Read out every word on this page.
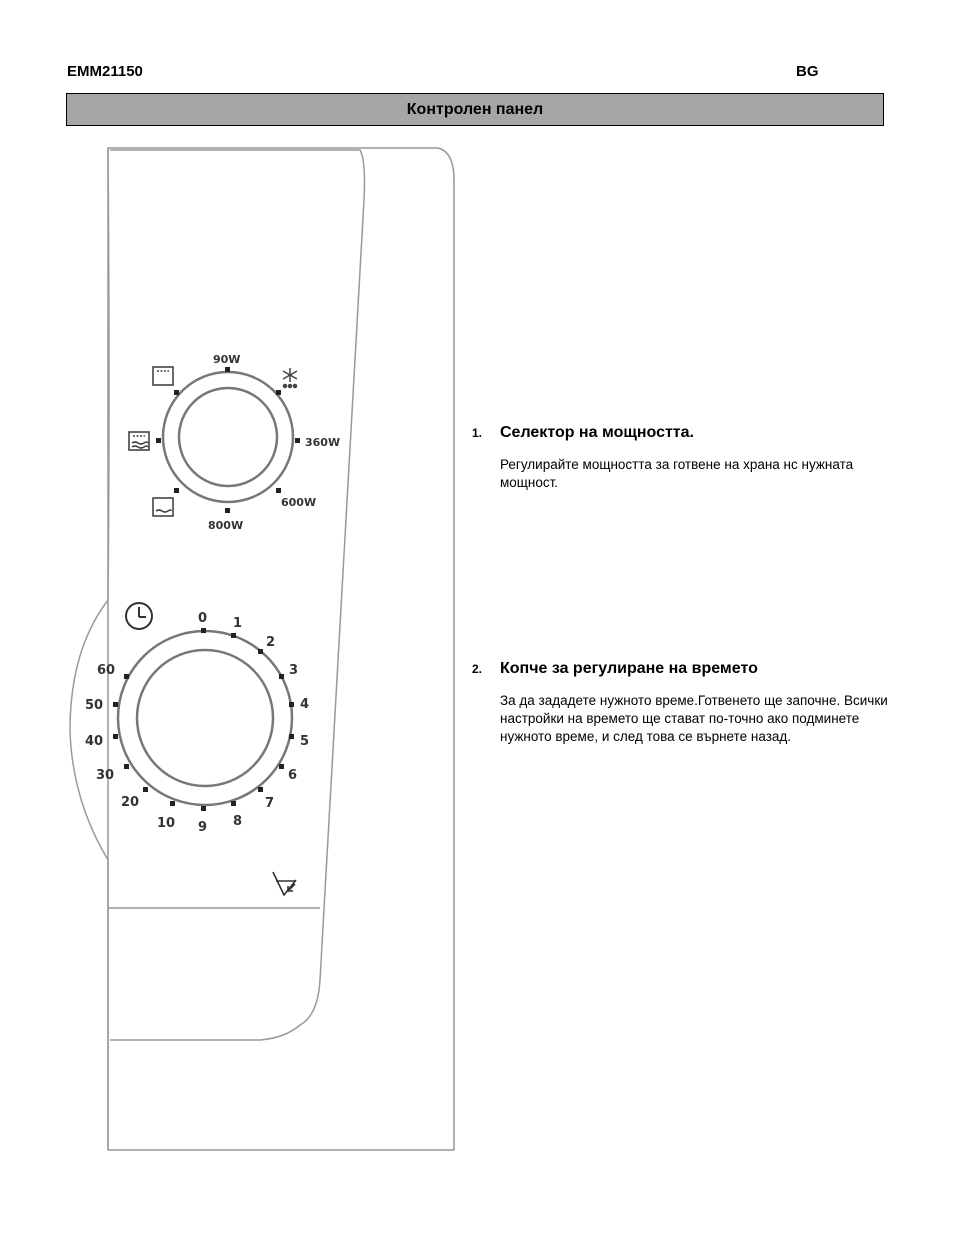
EMM21150	BG
Контролен панел
90W
360W
600W
800W
0 1
2
3
4
5
6
7
8
9
10
20
30
40
50
60
1.	Селектор на мощността.
Регулирайте мощността за готвене на храна нс нужната мощност.
2.	Копче за регулиране на времето
За да зададете нужното време.Готвенето ще започне. Всички настройки на времето ще стават по-точно ако подминете нужното време, и след това се върнете назад.
